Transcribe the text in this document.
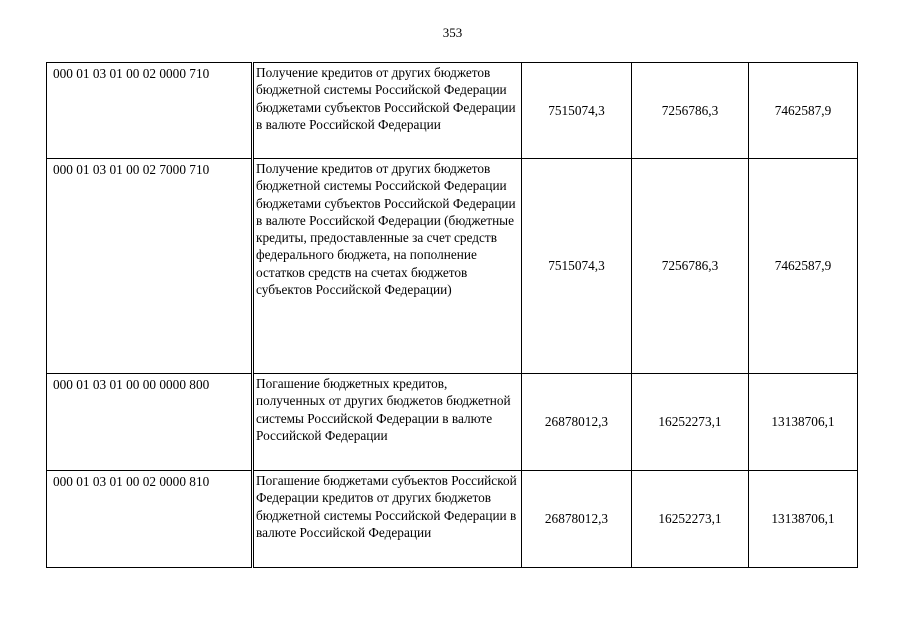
353
000 01 03 01 00 02 0000 710	Получение кредитов от других бюджетов бюджетной системы Российской Федерации бюджетами субъектов Российской Федерации в валюте Российской Федерации	7515074,3	7256786,3	7462587,9
000 01 03 01 00 02 7000 710	Получение кредитов от других бюджетов бюджетной системы Российской Федерации бюджетами субъектов Российской Федерации в валюте Российской Федерации (бюджетные кредиты, предоставленные за счет средств федерального бюджета, на пополнение остатков средств на счетах бюджетов субъектов Российской Федерации)	7515074,3	7256786,3	7462587,9
000 01 03 01 00 00 0000 800	Погашение бюджетных кредитов, полученных от других бюджетов бюджетной системы Российской Федерации в валюте Российской Федерации	26878012,3	16252273,1	13138706,1
000 01 03 01 00 02 0000 810	Погашение бюджетами субъектов Российской Федерации кредитов от других бюджетов бюджетной системы Российской Федерации в валюте Российской Федерации	26878012,3	16252273,1	13138706,1
